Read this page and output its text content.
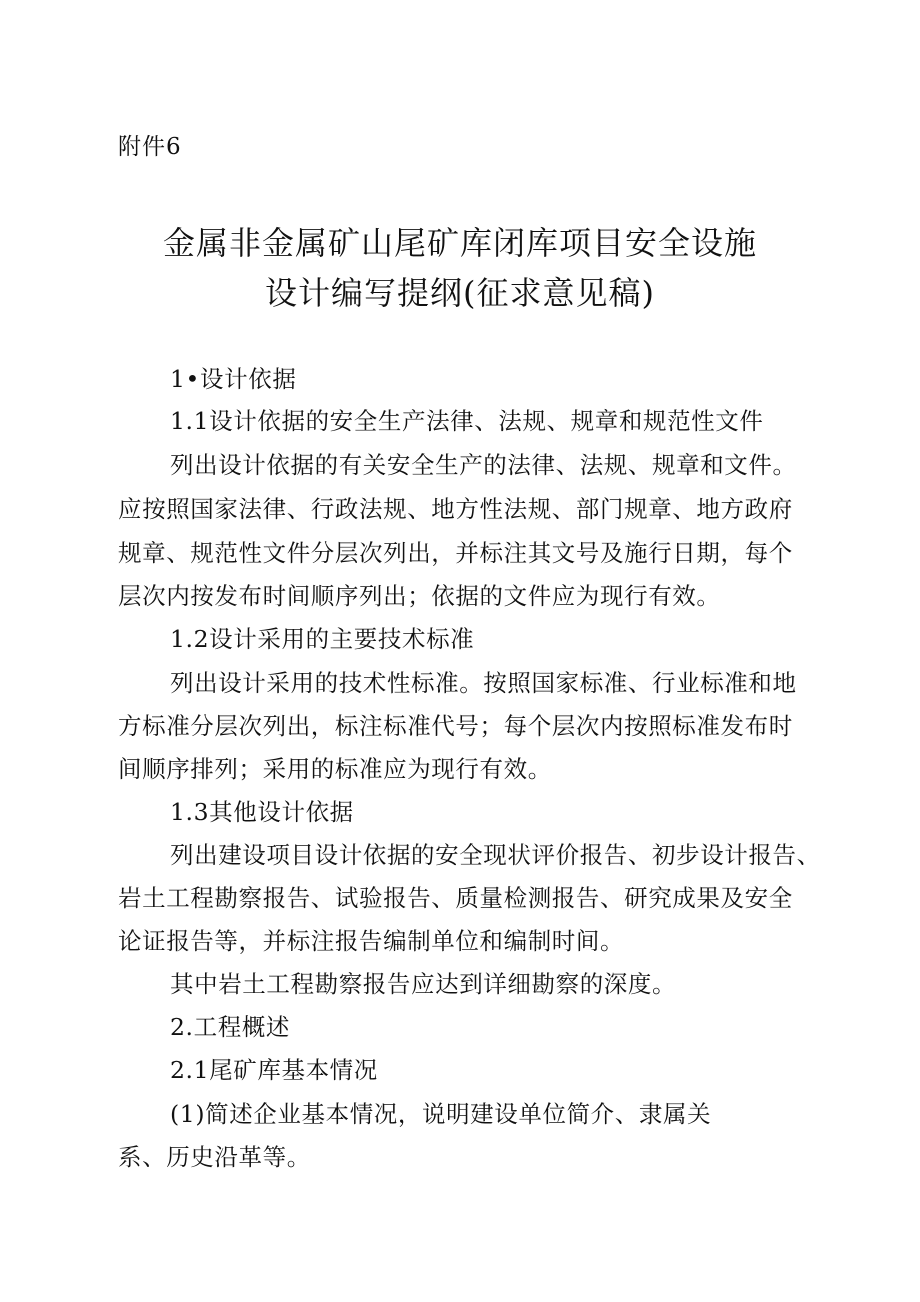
附件6
金属非金属矿山尾矿库闭库项目安全设施
设计编写提纲(征求意见稿)
1•设计依据
1.1设计依据的安全生产法律、法规、规章和规范性文件
列出设计依据的有关安全生产的法律、法规、规章和文件。
应按照国家法律、行政法规、地方性法规、部门规章、地方政府
规章、规范性文件分层次列出，并标注其文号及施行日期，每个
层次内按发布时间顺序列出；依据的文件应为现行有效。
1.2设计采用的主要技术标准
列出设计采用的技术性标准。按照国家标准、行业标准和地
方标准分层次列出，标注标准代号；每个层次内按照标准发布时
间顺序排列；采用的标准应为现行有效。
1.3其他设计依据
列出建设项目设计依据的安全现状评价报告、初步设计报告、
岩土工程勘察报告、试验报告、质量检测报告、研究成果及安全
论证报告等，并标注报告编制单位和编制时间。
其中岩土工程勘察报告应达到详细勘察的深度。
2.工程概述
2.1尾矿库基本情况
(1)简述企业基本情况，说明建设单位简介、隶属关
系、历史沿革等。
